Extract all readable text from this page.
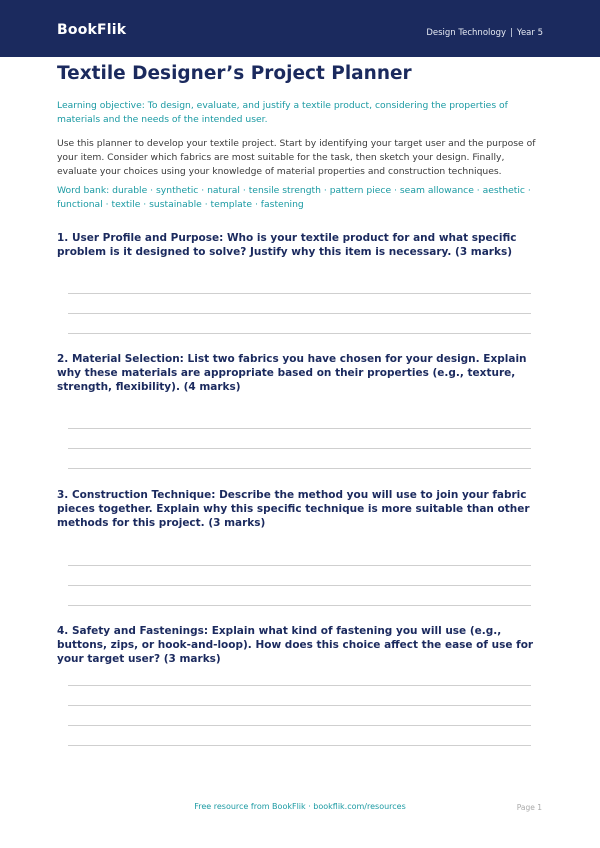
BookFlik	Design Technology | Year 5
Textile Designer’s Project Planner

Learning objective: To design, evaluate, and justify a textile product, considering the properties of materials and the needs of the intended user.

Use this planner to develop your textile project. Start by identifying your target user and the purpose of your item. Consider which fabrics are most suitable for the task, then sketch your design. Finally, evaluate your choices using your knowledge of material properties and construction techniques.

Word bank: durable · synthetic · natural · tensile strength · pattern piece · seam allowance · aesthetic · functional · textile · sustainable · template · fastening

1. User Profile and Purpose: Who is your textile product for and what specific problem is it designed to solve? Justify why this item is necessary. (3 marks)

2. Material Selection: List two fabrics you have chosen for your design. Explain why these materials are appropriate based on their properties (e.g., texture, strength, flexibility). (4 marks)

3. Construction Technique: Describe the method you will use to join your fabric pieces together. Explain why this specific technique is more suitable than other methods for this project. (3 marks)

4. Safety and Fastenings: Explain what kind of fastening you will use (e.g., buttons, zips, or hook-and-loop). How does this choice affect the ease of use for your target user? (3 marks)

Free resource from BookFlik · bookflik.com/resources	Page 1
